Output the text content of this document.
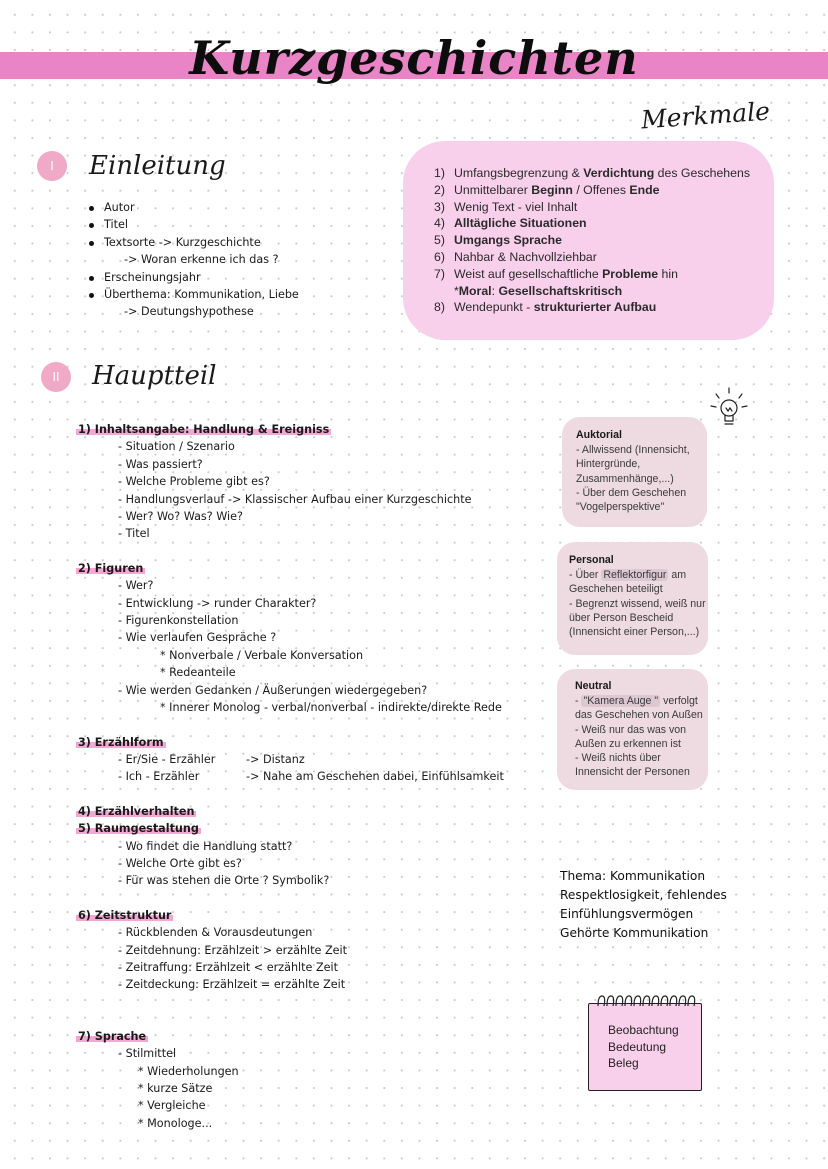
Kurzgeschichten
Merkmale
I	Einleitung
Autor
Titel
Textsorte -> Kurzgeschichte
-> Woran erkenne ich das ?
Erscheinungsjahr
Überthema: Kommunikation, Liebe
-> Deutungshypothese
1) Umfangsbegrenzung & Verdichtung des Geschehens
2) Unmittelbarer Beginn / Offenes Ende
3) Wenig Text - viel Inhalt
4) Alltägliche Situationen
5) Umgangs Sprache
6) Nahbar & Nachvollziehbar
7) Weist auf gesellschaftliche Probleme hin
*Moral: Gesellschaftskritisch
8) Wendepunkt - strukturierter Aufbau
II	Hauptteil
1) Inhaltsangabe: Handlung & Ereigniss
- Situation / Szenario
- Was passiert?
- Welche Probleme gibt es?
- Handlungsverlauf -> Klassischer Aufbau einer Kurzgeschichte
- Wer? Wo? Was? Wie?
- Titel
2) Figuren
- Wer?
- Entwicklung -> runder Charakter?
- Figurenkonstellation
- Wie verlaufen Gespräche ?
* Nonverbale / Verbale Konversation
* Redeanteile
- Wie werden Gedanken / Äußerungen wiedergegeben?
* Innerer Monolog - verbal/nonverbal - indirekte/direkte Rede
3) Erzählform
- Er/Sie - Erzähler	-> Distanz
- Ich - Erzähler	-> Nahe am Geschehen dabei, Einfühlsamkeit
4) Erzählverhalten
5) Raumgestaltung
- Wo findet die Handlung statt?
- Welche Orte gibt es?
- Für was stehen die Orte ? Symbolik?
6) Zeitstruktur
- Rückblenden & Vorausdeutungen
- Zeitdehnung: Erzählzeit > erzählte Zeit
- Zeitraffung: Erzählzeit < erzählte Zeit
- Zeitdeckung: Erzählzeit = erzählte Zeit
7) Sprache
- Stilmittel
* Wiederholungen
* kurze Sätze
* Vergleiche
* Monologe...
Auktorial
- Allwissend (Innensicht,
Hintergründe,
Zusammenhänge,...)
- Über dem Geschehen
"Vogelperspektive"
Personal
- Über Reflektorfigur am
Geschehen beteiligt
- Begrenzt wissend, weiß nur
über Person Bescheid
(Innensicht einer Person,...)
Neutral
- "Kamera Auge " verfolgt
das Geschehen von Außen
- Weiß nur das was von
Außen zu erkennen ist
- Weiß nichts über
Innensicht der Personen
Thema: Kommunikation
Respektlosigkeit, fehlendes
Einfühlungsvermögen
Gehörte Kommunikation
Beobachtung
Bedeutung
Beleg
